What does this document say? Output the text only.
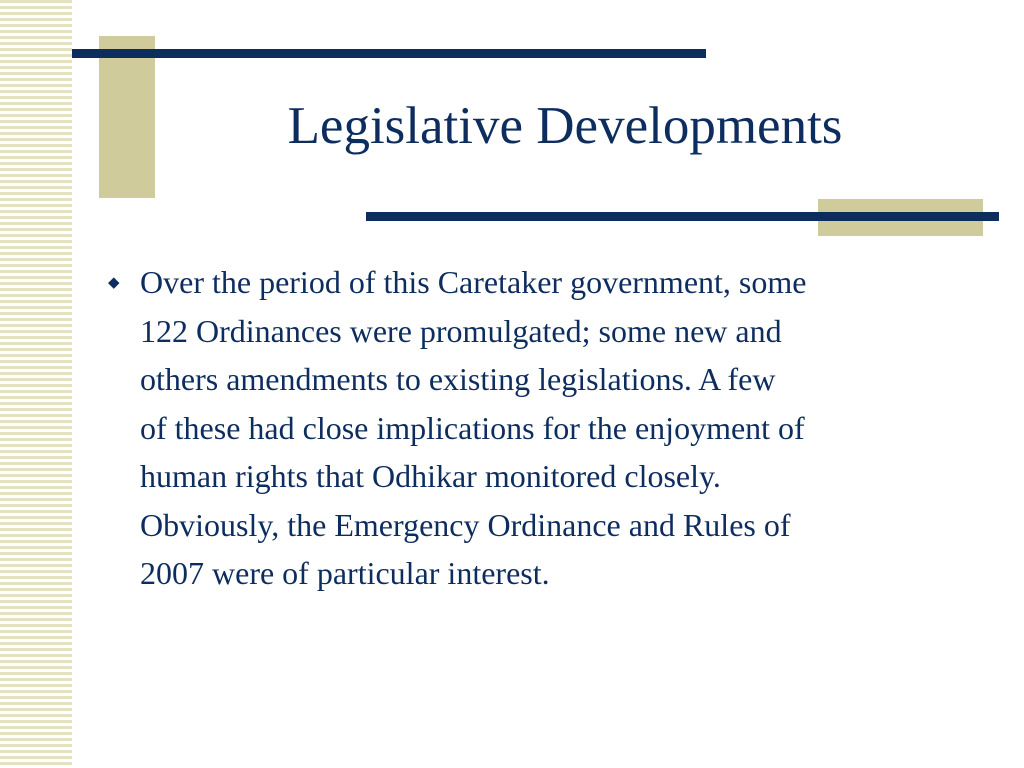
Legislative Developments
◆ Over the period of this Caretaker government, some
122 Ordinances were promulgated; some new and
others amendments to existing legislations. A few
of these had close implications for the enjoyment of
human rights that Odhikar monitored closely.
Obviously, the Emergency Ordinance and Rules of
2007 were of particular interest.
